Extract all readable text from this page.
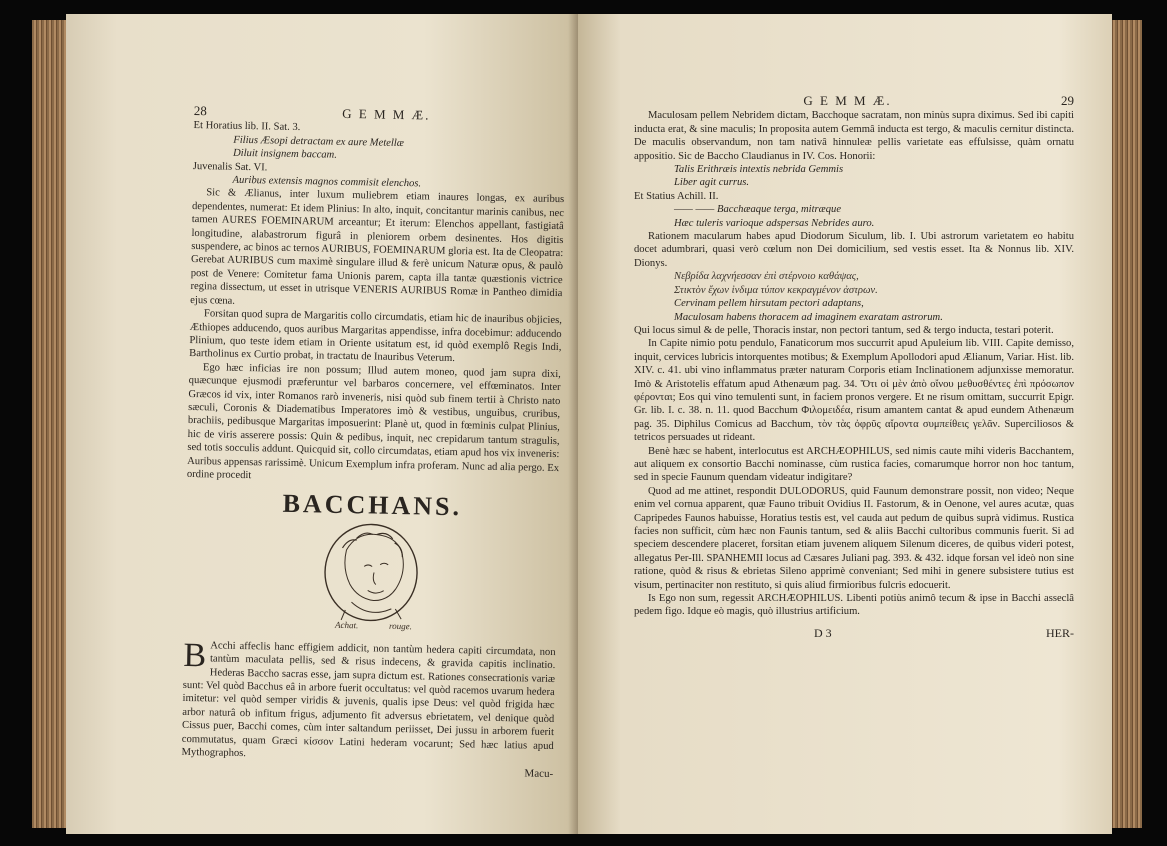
28	G E M M Æ.

Et Horatius lib. II. Sat. 3.

Filius Æsopi detractam ex aure Metellæ

Diluit insignem baccam.

Juvenalis Sat. VI.

Auribus extensis magnos commisit elenchos.

Sic & Ælianus, inter luxum muliebrem etiam inaures longas, ex auribus dependentes, numerat: Et idem Plinius: In alto, inquit, concitantur marinis canibus, nec tamen AURES FOEMINARUM arceantur; Et iterum: Elenchos appellant, fastigiatâ longitudine, alabastrorum figurâ in pleniorem orbem desinentes. Hos digitis suspendere, ac binos ac ternos AURIBUS, FOEMINARUM gloria est. Ita de Cleopatra: Gerebat AURIBUS cum maximè singulare illud & ferè unicum Naturæ opus, & paulò post de Venere: Comitetur fama Unionis parem, capta illa tantæ quæstionis victrice regina dissectum, ut esset in utrisque VENERIS AURIBUS Romæ in Pantheo dimidia ejus cœna.

Forsitan quod supra de Margaritis collo circumdatis, etiam hic de inauribus objicies, Æthiopes adducendo, quos auribus Margaritas appendisse, infra docebimur: adducendo Plinium, quo teste idem etiam in Oriente usitatum est, id quòd exemplô Regis Indi, Bartholinus ex Curtio probat, in tractatu de Inauribus Veterum.

Ego hæc inficias ire non possum; Illud autem moneo, quod jam supra dixi, quæcunque ejusmodi præferuntur vel barbaros concernere, vel effœminatos. Inter Græcos id vix, inter Romanos rarò inveneris, nisi quòd sub finem tertii à Christo nato sæculi, Coronis & Diadematibus Imperatores imò & vestibus, unguibus, cruribus, brachiis, pedibusque Margaritas imposuerint: Planè ut, quod in fœminis culpat Plinius, hic de viris asserere possis: Quin & pedibus, inquit, nec crepidarum tantum stragulis, sed totis socculis addunt. Quicquid sit, collo circumdatas, etiam apud hos vix inveneris: Auribus appensas rarissimè. Unicum Exemplum infra proferam. Nunc ad alia pergo. Ex ordine procedit

BACCHANS.
Achat.	rouge.

B Acchi affeclis hanc effigiem addicit, non tantùm hedera capiti circumdata, non tantùm maculata pellis, sed & risus indecens, & gravida capitis inclinatio. Hederas Baccho sacras esse, jam supra dictum est. Rationes consecrationis variæ sunt: Vel quòd Bacchus eâ in arbore fuerit occultatus: vel quòd racemos uvarum hedera imitetur: vel quòd semper viridis & juvenis, qualis ipse Deus: vel quòd frigida hæc arbor naturâ ob infitum frigus, adjumento fit adversus ebrietatem, vel denique quòd Cissus puer, Bacchi comes, cùm inter saltandum periisset, Dei jussu in arborem fuerit commutatus, quam Græci κίσσον Latini hederam vocarunt; Sed hæc latius apud Mythographos.

Macu-
G E M M Æ.	29

Maculosam pellem Nebridem dictam, Bacchoque sacratam, non minùs supra diximus. Sed ibi capiti inducta erat, & sine maculis; In proposita autem Gemmâ inducta est tergo, & maculis cernitur distincta. De maculis observandum, non tam nativâ hinnuleæ pellis varietate eas effulsisse, quàm ornatu appositio. Sic de Baccho Claudianus in IV. Cos. Honorii:

Talis Erithræis intextis nebrida Gemmis

Liber agit currus.

Et Statius Achill. II.

—— —— Bacchæaque terga, mitræque

Hæc tuleris varioque adspersas Nebrides auro.

Rationem macularum habes apud Diodorum Siculum, lib. I. Ubi astrorum varietatem eo habitu docet adumbrari, quasi verò cœlum non Dei domicilium, sed vestis esset. Ita & Nonnus lib. XIV. Dionys.

Νεβρίδα λαχνήεσσαν ἐπὶ στέρνοιο καθάψας,

Στικτὸν ἔχων ἰνδιμα τύπον κεκραγμένον ἀστρων.

Cervinam pellem hirsutam pectori adaptans,

Maculosam habens thoracem ad imaginem exaratam astrorum.

Qui locus simul & de pelle, Thoracis instar, non pectori tantum, sed & tergo inducta, testari poterit.

In Capite nimio potu pendulo, Fanaticorum mos succurrit apud Apuleium lib. VIII. Capite demisso, inquit, cervices lubricis intorquentes motibus; & Exemplum Apollodori apud Ælianum, Variar. Hist. lib. XIV. c. 41. ubi vino inflammatus præter naturam Corporis etiam Inclinationem adjunxisse memoratur. Imò & Aristotelis effatum apud Athenæum pag. 34. Ὅτι οἱ μὲν ἀπὸ οἴνου μεθυσθέντες ἐπὶ πρόσωπον φέρονται; Eos qui vino temulenti sunt, in faciem pronos vergere. Et ne risum omittam, succurrit Epigr. Gr. lib. I. c. 38. n. 11. quod Bacchum Φιλομειδέα, risum amantem cantat & apud eundem Athenæum pag. 35. Diphilus Comicus ad Bacchum, τὸν τὰς ὀφρῦς αἴροντα συμπείθεις γελᾶν. Superciliosos & tetricos persuades ut rideant.

Benè hæc se habent, interlocutus est ARCHÆOPHILUS, sed nimis caute mihi videris Bacchantem, aut aliquem ex consortio Bacchi nominasse, cùm rustica facies, comarumque horror non hoc tantum, sed in specie Faunum quendam videatur indigitare?

Quod ad me attinet, respondit DULODORUS, quid Faunum demonstrare possit, non video; Neque enim vel cornua apparent, quæ Fauno tribuit Ovidius II. Fastorum, & in Oenone, vel aures acutæ, quas Capripedes Faunos habuisse, Horatius testis est, vel cauda aut pedum de quibus suprà vidimus. Rustica facies non sufficit, cùm hæc non Faunis tantum, sed & aliis Bacchi cultoribus communis fuerit. Si ad speciem descendere placeret, forsitan etiam juvenem aliquem Silenum diceres, de quibus videri potest, allegatus Per-Ill. SPANHEMII locus ad Cæsares Juliani pag. 393. & 432. idque forsan vel ideò non sine ratione, quòd & risus & ebrietas Sileno apprimè conveniant; Sed mihi in genere subsistere tutius est visum, pertinaciter non restituto, si quis aliud firmioribus fulcris edocuerit.

Is Ego non sum, regessit ARCHÆOPHILUS. Libenti potiùs animô tecum & ipse in Bacchi asseclâ pedem figo. Idque eò magis, quò illustrius artificium.

D 3	HER-
